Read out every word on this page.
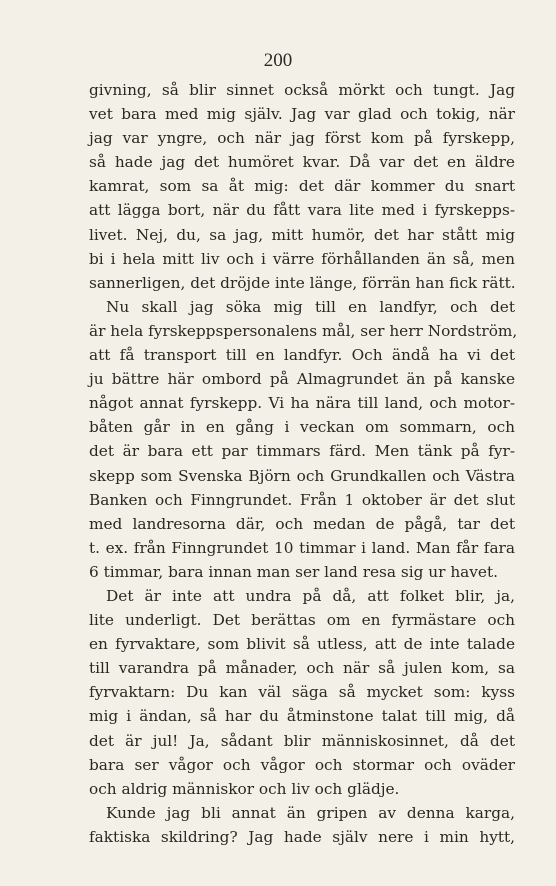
200
givning, så blir sinnet också mörkt och tungt. Jag
vet bara med mig själv. Jag var glad och tokig, när
jag var yngre, och när jag först kom på fyrskepp,
så hade jag det humöret kvar. Då var det en äldre
kamrat, som sa åt mig: det där kommer du snart
att lägga bort, när du fått vara lite med i fyrskepps-
livet. Nej, du, sa jag, mitt humör, det har stått mig
bi i hela mitt liv och i värre förhållanden än så, men
sannerligen, det dröjde inte länge, förrän han fick rätt.
Nu skall jag söka mig till en landfyr, och det
är hela fyrskeppspersonalens mål, ser herr Nordström,
att få transport till en landfyr. Och ändå ha vi det
ju bättre här ombord på Almagrundet än på kanske
något annat fyrskepp. Vi ha nära till land, och motor-
båten går in en gång i veckan om sommarn, och
det är bara ett par timmars färd. Men tänk på fyr-
skepp som Svenska Björn och Grundkallen och Västra
Banken och Finngrundet. Från 1 oktober är det slut
med landresorna där, och medan de pågå, tar det
t. ex. från Finngrundet 10 timmar i land. Man får fara
6 timmar, bara innan man ser land resa sig ur havet.
Det är inte att undra på då, att folket blir, ja,
lite underligt. Det berättas om en fyrmästare och
en fyrvaktare, som blivit så utless, att de inte talade
till varandra på månader, och när så julen kom, sa
fyrvaktarn: Du kan väl säga så mycket som: kyss
mig i ändan, så har du åtminstone talat till mig, då
det är jul! Ja, sådant blir människosinnet, då det
bara ser vågor och vågor och stormar och oväder
och aldrig människor och liv och glädje.
Kunde jag bli annat än gripen av denna karga,
faktiska skildring? Jag hade själv nere i min hytt,
